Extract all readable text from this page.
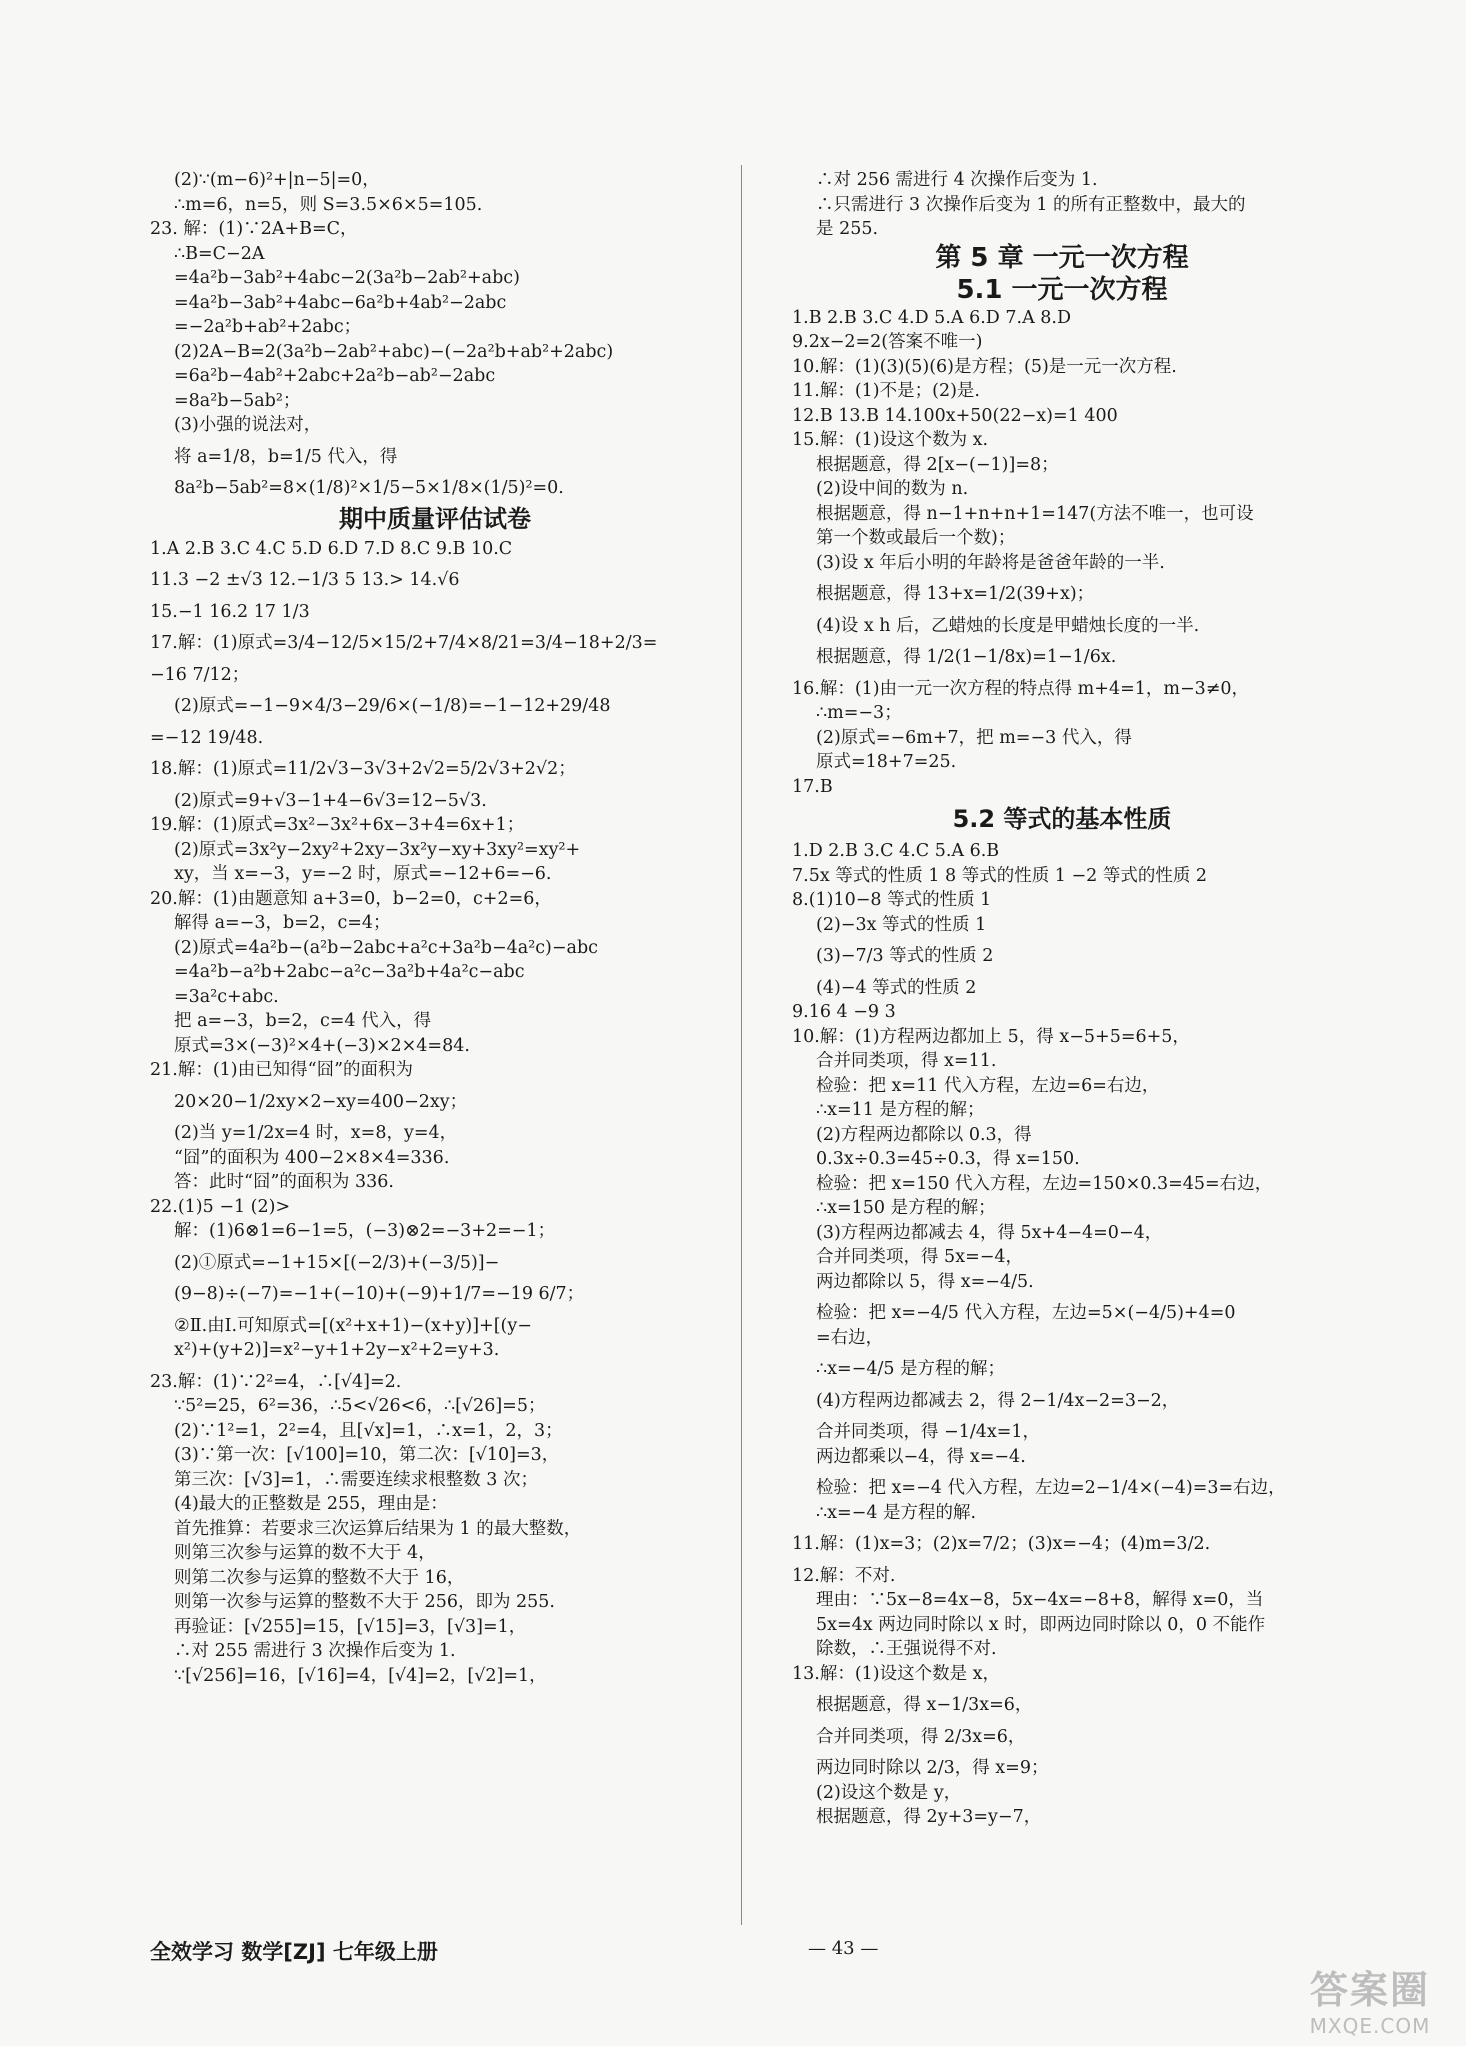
(2)∵(m−6)²+|n−5|=0，
∴m=6，n=5，则 S=3.5×6×5=105.
23. 解：(1)∵2A+B=C，
∴B=C−2A
=4a²b−3ab²+4abc−2(3a²b−2ab²+abc)
=4a²b−3ab²+4abc−6a²b+4ab²−2abc
=−2a²b+ab²+2abc；
(2)2A−B=2(3a²b−2ab²+abc)−(−2a²b+ab²+2abc)
=6a²b−4ab²+2abc+2a²b−ab²−2abc
=8a²b−5ab²；
(3)小强的说法对，
将 a=1/8，b=1/5 代入，得
8a²b−5ab²=8×(1/8)²×1/5−5×1/8×(1/5)²=0.
期中质量评估试卷
1.A 2.B 3.C 4.C 5.D 6.D 7.D 8.C 9.B 10.C
11.3 −2 ±√3 12.−1/3 5 13.> 14.√6
15.−1 16.2 17 1/3
17.解：(1)原式=3/4−12/5×15/2+7/4×8/21=3/4−18+2/3=
−16 7/12；
(2)原式=−1−9×4/3−29/6×(−1/8)=−1−12+29/48
=−12 19/48.
18.解：(1)原式=11/2√3−3√3+2√2=5/2√3+2√2；
(2)原式=9+√3−1+4−6√3=12−5√3.
19.解：(1)原式=3x²−3x²+6x−3+4=6x+1；
(2)原式=3x²y−2xy²+2xy−3x²y−xy+3xy²=xy²+
xy，当 x=−3，y=−2 时，原式=−12+6=−6.
20.解：(1)由题意知 a+3=0，b−2=0，c+2=6，
解得 a=−3，b=2，c=4；
(2)原式=4a²b−(a²b−2abc+a²c+3a²b−4a²c)−abc
=4a²b−a²b+2abc−a²c−3a²b+4a²c−abc
=3a²c+abc.
把 a=−3，b=2，c=4 代入，得
原式=3×(−3)²×4+(−3)×2×4=84.
21.解：(1)由已知得“囧”的面积为
20×20−1/2xy×2−xy=400−2xy；
(2)当 y=1/2x=4 时，x=8，y=4，
“囧”的面积为 400−2×8×4=336.
答：此时“囧”的面积为 336.
22.(1)5 −1 (2)>
解：(1)6⊗1=6−1=5，(−3)⊗2=−3+2=−1；
(2)①原式=−1+15×[(−2/3)+(−3/5)]−
(9−8)÷(−7)=−1+(−10)+(−9)+1/7=−19 6/7；
②Ⅱ.由Ⅰ.可知原式=[(x²+x+1)−(x+y)]+[(y−
x²)+(y+2)]=x²−y+1+2y−x²+2=y+3.
23.解：(1)∵2²=4，∴[√4]=2.
∵5²=25，6²=36，∴5<√26<6，∴[√26]=5；
(2)∵1²=1，2²=4，且[√x]=1，∴x=1，2，3；
(3)∵第一次：[√100]=10，第二次：[√10]=3，
第三次：[√3]=1，∴需要连续求根整数 3 次；
(4)最大的正整数是 255，理由是：
首先推算：若要求三次运算后结果为 1 的最大整数，
则第三次参与运算的数不大于 4，
则第二次参与运算的整数不大于 16，
则第一次参与运算的整数不大于 256，即为 255.
再验证：[√255]=15，[√15]=3，[√3]=1，
∴对 255 需进行 3 次操作后变为 1.
∵[√256]=16，[√16]=4，[√4]=2，[√2]=1，
∴对 256 需进行 4 次操作后变为 1.
∴只需进行 3 次操作后变为 1 的所有正整数中，最大的
是 255.
第 5 章 一元一次方程
5.1 一元一次方程
1.B 2.B 3.C 4.D 5.A 6.D 7.A 8.D
9.2x−2=2(答案不唯一)
10.解：(1)(3)(5)(6)是方程；(5)是一元一次方程.
11.解：(1)不是；(2)是.
12.B 13.B 14.100x+50(22−x)=1 400
15.解：(1)设这个数为 x.
根据题意，得 2[x−(−1)]=8；
(2)设中间的数为 n.
根据题意，得 n−1+n+n+1=147(方法不唯一，也可设
第一个数或最后一个数)；
(3)设 x 年后小明的年龄将是爸爸年龄的一半.
根据题意，得 13+x=1/2(39+x)；
(4)设 x h 后，乙蜡烛的长度是甲蜡烛长度的一半.
根据题意，得 1/2(1−1/8x)=1−1/6x.
16.解：(1)由一元一次方程的特点得 m+4=1，m−3≠0，
∴m=−3；
(2)原式=−6m+7，把 m=−3 代入，得
原式=18+7=25.
17.B
5.2 等式的基本性质
1.D 2.B 3.C 4.C 5.A 6.B
7.5x 等式的性质 1 8 等式的性质 1 −2 等式的性质 2
8.(1)10−8 等式的性质 1
(2)−3x 等式的性质 1
(3)−7/3 等式的性质 2
(4)−4 等式的性质 2
9.16 4 −9 3
10.解：(1)方程两边都加上 5，得 x−5+5=6+5，
合并同类项，得 x=11.
检验：把 x=11 代入方程，左边=6=右边，
∴x=11 是方程的解；
(2)方程两边都除以 0.3，得
0.3x÷0.3=45÷0.3，得 x=150.
检验：把 x=150 代入方程，左边=150×0.3=45=右边，
∴x=150 是方程的解；
(3)方程两边都减去 4，得 5x+4−4=0−4，
合并同类项，得 5x=−4，
两边都除以 5，得 x=−4/5.
检验：把 x=−4/5 代入方程，左边=5×(−4/5)+4=0
=右边，
∴x=−4/5 是方程的解；
(4)方程两边都减去 2，得 2−1/4x−2=3−2，
合并同类项，得 −1/4x=1，
两边都乘以−4，得 x=−4.
检验：把 x=−4 代入方程，左边=2−1/4×(−4)=3=右边，
∴x=−4 是方程的解.
11.解：(1)x=3；(2)x=7/2；(3)x=−4；(4)m=3/2.
12.解：不对.
理由：∵5x−8=4x−8，5x−4x=−8+8，解得 x=0，当
5x=4x 两边同时除以 x 时，即两边同时除以 0，0 不能作
除数，∴王强说得不对.
13.解：(1)设这个数是 x，
根据题意，得 x−1/3x=6，
合并同类项，得 2/3x=6，
两边同时除以 2/3，得 x=9；
(2)设这个数是 y，
根据题意，得 2y+3=y−7，
全效学习 数学[ZJ] 七年级上册	— 43 —
答案圈
MXQE.COM
